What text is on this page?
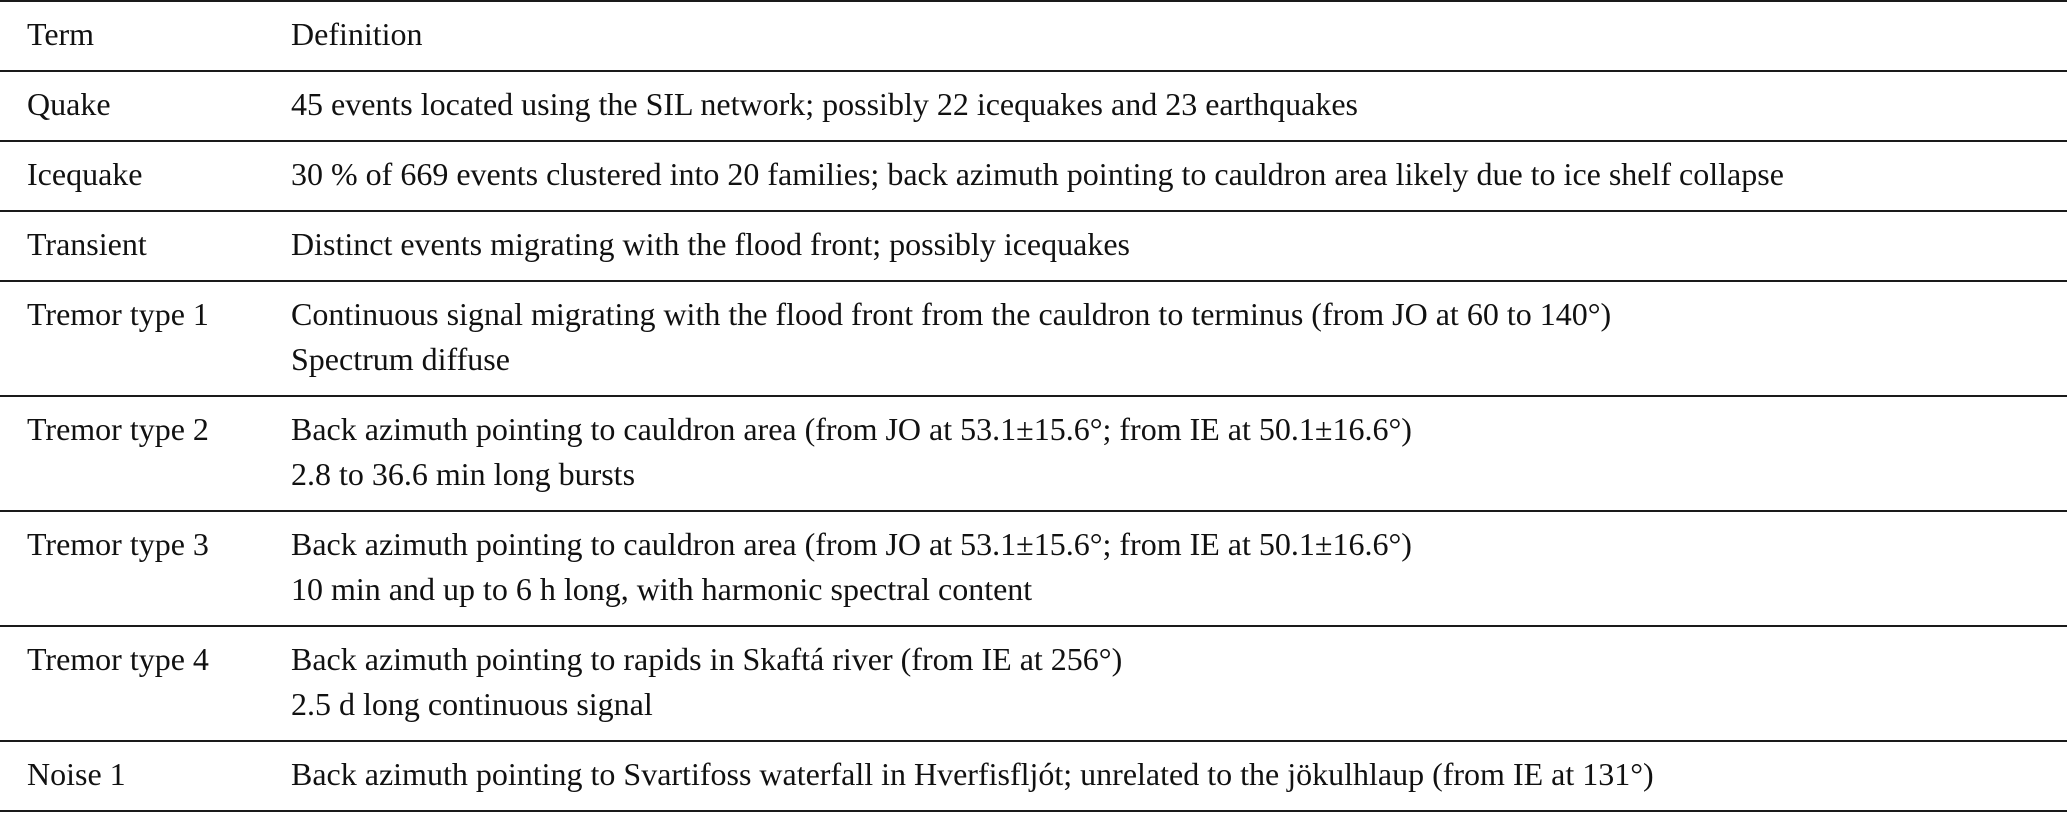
Term	Definition
Quake	45 events located using the SIL network; possibly 22 icequakes and 23 earthquakes

Icequake	30 % of 669 events clustered into 20 families; back azimuth pointing to cauldron area likely due to ice shelf collapse

Transient	Distinct events migrating with the flood front; possibly icequakes

Tremor type 1	Continuous signal migrating with the flood front from the cauldron to terminus (from JO at 60 to 140°)
Spectrum diffuse

Tremor type 2	Back azimuth pointing to cauldron area (from JO at 53.1±15.6°; from IE at 50.1±16.6°)
2.8 to 36.6 min long bursts

Tremor type 3	Back azimuth pointing to cauldron area (from JO at 53.1±15.6°; from IE at 50.1±16.6°)
10 min and up to 6 h long, with harmonic spectral content

Tremor type 4	Back azimuth pointing to rapids in Skaftá river (from IE at 256°)
2.5 d long continuous signal

Noise 1	Back azimuth pointing to Svartifoss waterfall in Hverfisfljót; unrelated to the jökulhlaup (from IE at 131°)
